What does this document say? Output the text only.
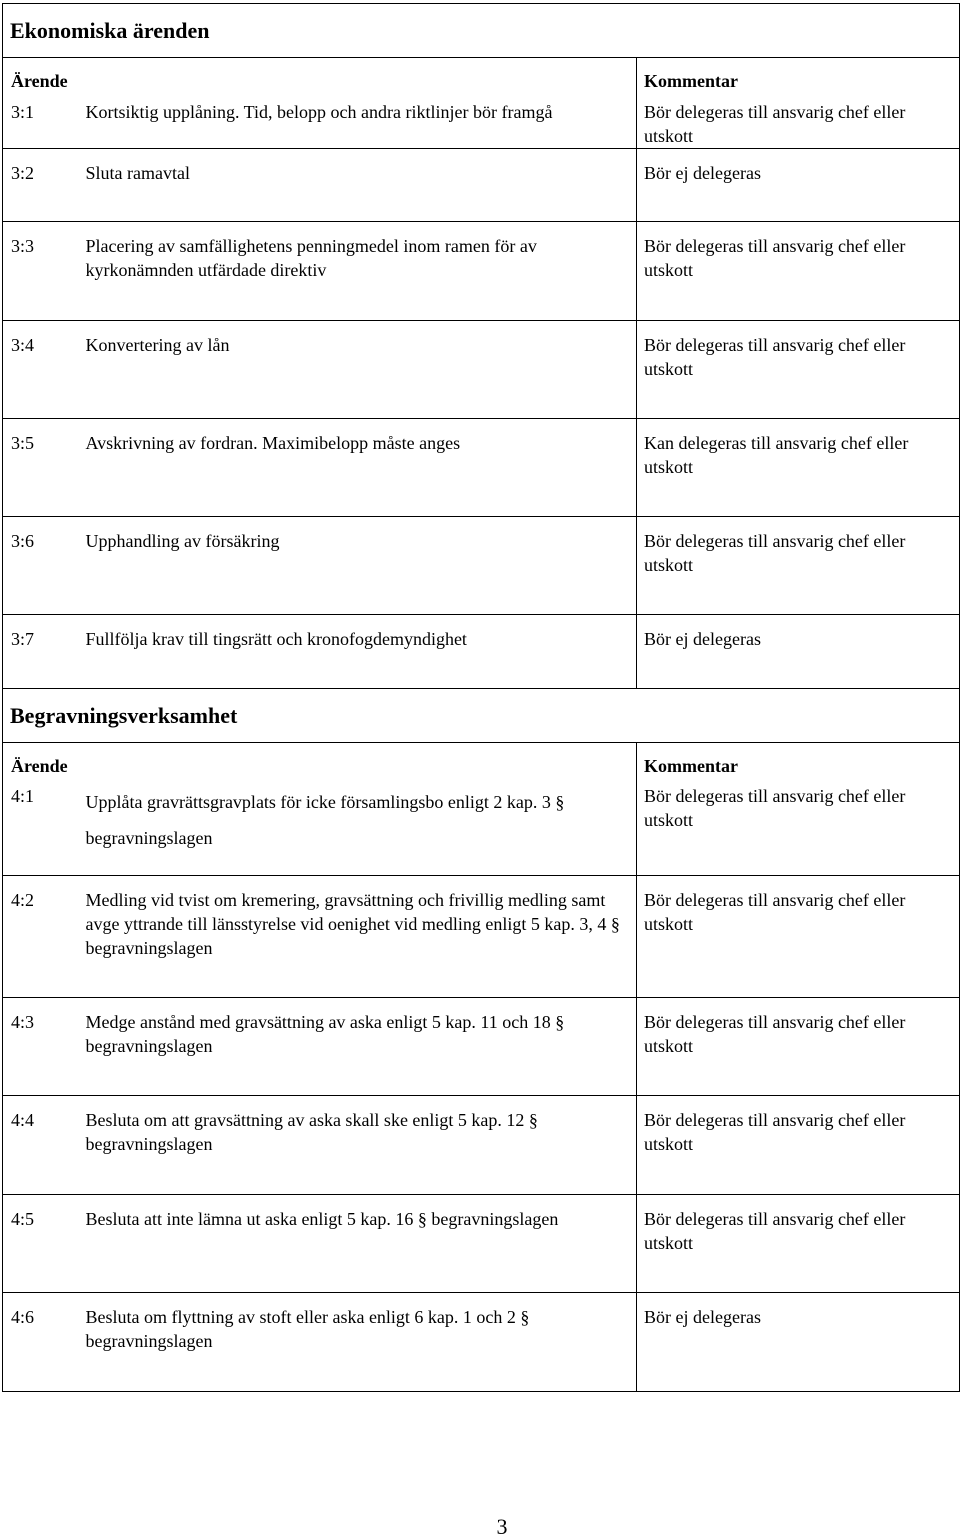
Ekonomiska ärenden		
Ärende		Kommentar
3:1	Kortsiktig upplåning. Tid, belopp och andra riktlinjer bör framgå	Bör delegeras till ansvarig chef eller utskott
3:2	Sluta ramavtal	Bör ej delegeras
3:3	Placering av samfällighetens penningmedel inom ramen för av kyrkonämnden utfärdade direktiv	Bör delegeras till ansvarig chef eller utskott
3:4	Konvertering av lån	Bör delegeras till ansvarig chef eller utskott
3:5	Avskrivning av fordran. Maximibelopp måste anges	Kan delegeras till ansvarig chef eller utskott
3:6	Upphandling av försäkring	Bör delegeras till ansvarig chef eller utskott
3:7	Fullfölja krav till tingsrätt och kronofogdemyndighet	Bör ej delegeras
Begravningsverksamhet		
Ärende		Kommentar
4:1	Upplåta gravrättsgravplats för icke församlingsbo enligt 2 kap. 3 § begravningslagen	Bör delegeras till ansvarig chef eller utskott
4:2	Medling vid tvist om kremering, gravsättning och frivillig medling samt avge yttrande till länsstyrelse vid oenighet vid medling enligt 5 kap. 3, 4 § begravningslagen	Bör delegeras till ansvarig chef eller utskott
4:3	Medge anstånd med gravsättning av aska enligt 5 kap. 11 och 18 § begravningslagen	Bör delegeras till ansvarig chef eller utskott
4:4	Besluta om att gravsättning av aska skall ske enligt 5 kap. 12 § begravningslagen	Bör delegeras till ansvarig chef eller utskott
4:5	Besluta att inte lämna ut aska enligt 5 kap. 16 § begravningslagen	Bör delegeras till ansvarig chef eller utskott
4:6	Besluta om flyttning av stoft eller aska enligt 6 kap. 1 och 2 § begravningslagen	Bör ej delegeras
3
